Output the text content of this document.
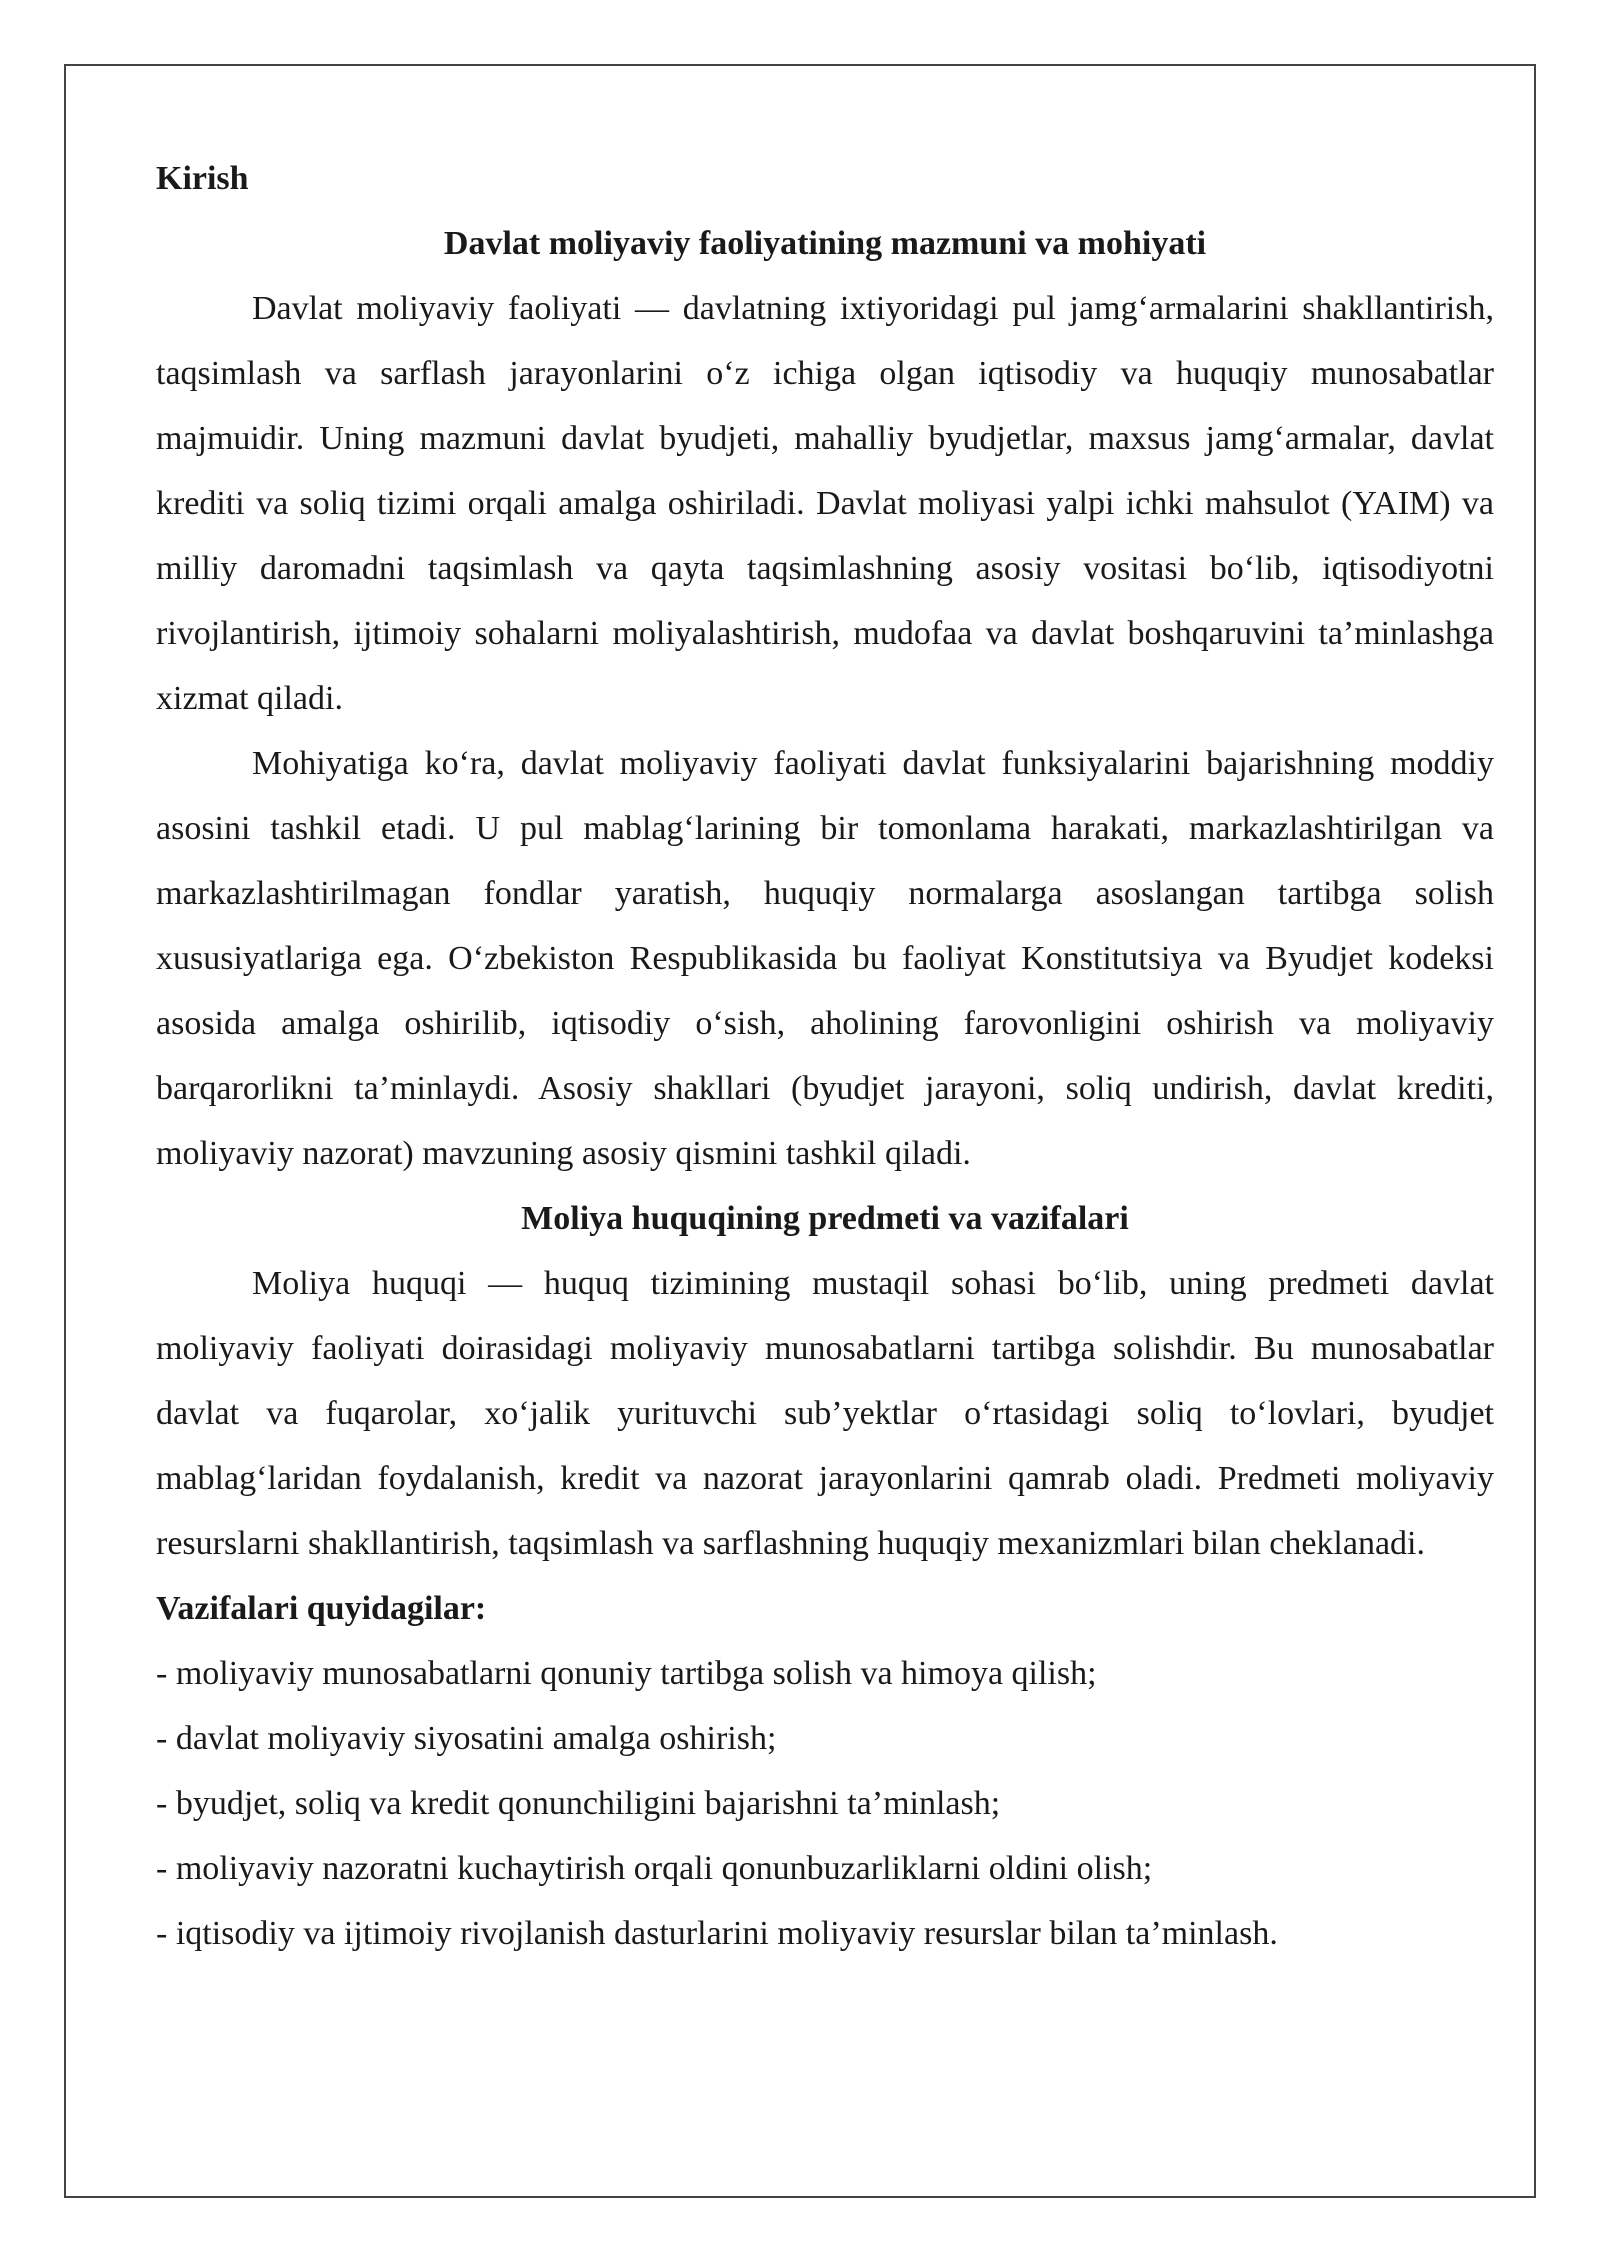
Kirish

Davlat moliyaviy faoliyatining mazmuni va mohiyati

Davlat moliyaviy faoliyati — davlatning ixtiyoridagi pul jamg‘armalarini shakllantirish, taqsimlash va sarflash jarayonlarini o‘z ichiga olgan iqtisodiy va huquqiy munosabatlar majmuidir. Uning mazmuni davlat byudjeti, mahalliy byudjetlar, maxsus jamg‘armalar, davlat krediti va soliq tizimi orqali amalga oshiriladi. Davlat moliyasi yalpi ichki mahsulot (YAIM) va milliy daromadni taqsimlash va qayta taqsimlashning asosiy vositasi bo‘lib, iqtisodiyotni rivojlantirish, ijtimoiy sohalarni moliyalashtirish, mudofaa va davlat boshqaruvini ta’minlashga xizmat qiladi.

Mohiyatiga ko‘ra, davlat moliyaviy faoliyati davlat funksiyalarini bajarishning moddiy asosini tashkil etadi. U pul mablag‘larining bir tomonlama harakati, markazlashtirilgan va markazlashtirilmagan fondlar yaratish, huquqiy normalarga asoslangan tartibga solish xususiyatlariga ega. O‘zbekiston Respublikasida bu faoliyat Konstitutsiya va Byudjet kodeksi asosida amalga oshirilib, iqtisodiy o‘sish, aholining farovonligini oshirish va moliyaviy barqarorlikni ta’minlaydi. Asosiy shakllari (byudjet jarayoni, soliq undirish, davlat krediti, moliyaviy nazorat) mavzuning asosiy qismini tashkil qiladi.

Moliya huquqining predmeti va vazifalari

Moliya huquqi — huquq tizimining mustaqil sohasi bo‘lib, uning predmeti davlat moliyaviy faoliyati doirasidagi moliyaviy munosabatlarni tartibga solishdir. Bu munosabatlar davlat va fuqarolar, xo‘jalik yurituvchi sub’yektlar o‘rtasidagi soliq to‘lovlari, byudjet mablag‘laridan foydalanish, kredit va nazorat jarayonlarini qamrab oladi. Predmeti moliyaviy resurslarni shakllantirish, taqsimlash va sarflashning huquqiy mexanizmlari bilan cheklanadi.

Vazifalari quyidagilar:

- moliyaviy munosabatlarni qonuniy tartibga solish va himoya qilish;
- davlat moliyaviy siyosatini amalga oshirish;
- byudjet, soliq va kredit qonunchiligini bajarishni ta’minlash;
- moliyaviy nazoratni kuchaytirish orqali qonunbuzarliklarni oldini olish;
- iqtisodiy va ijtimoiy rivojlanish dasturlarini moliyaviy resurslar bilan ta’minlash.
